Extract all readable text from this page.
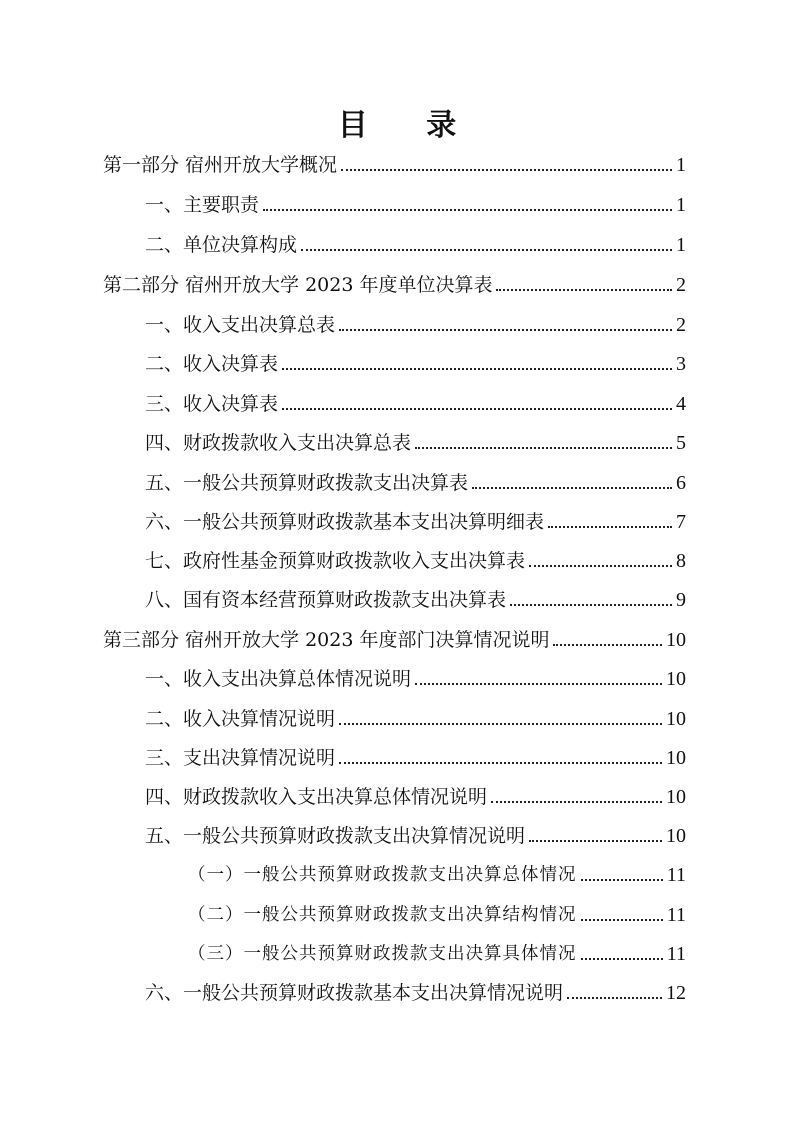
目 录
第一部分 宿州开放大学概况	1
一、主要职责	1
二、单位决算构成	1
第二部分 宿州开放大学 2023 年度单位决算表	2
一、收入支出决算总表	2
二、收入决算表	3
三、收入决算表	4
四、财政拨款收入支出决算总表	5
五、一般公共预算财政拨款支出决算表	6
六、一般公共预算财政拨款基本支出决算明细表	7
七、政府性基金预算财政拨款收入支出决算表	8
八、国有资本经营预算财政拨款支出决算表	9
第三部分 宿州开放大学 2023 年度部门决算情况说明	10
一、收入支出决算总体情况说明	10
二、收入决算情况说明	10
三、支出决算情况说明	10
四、财政拨款收入支出决算总体情况说明	10
五、一般公共预算财政拨款支出决算情况说明	10
（一）一般公共预算财政拨款支出决算总体情况	11
（二）一般公共预算财政拨款支出决算结构情况	11
（三）一般公共预算财政拨款支出决算具体情况	11
六、一般公共预算财政拨款基本支出决算情况说明	12
